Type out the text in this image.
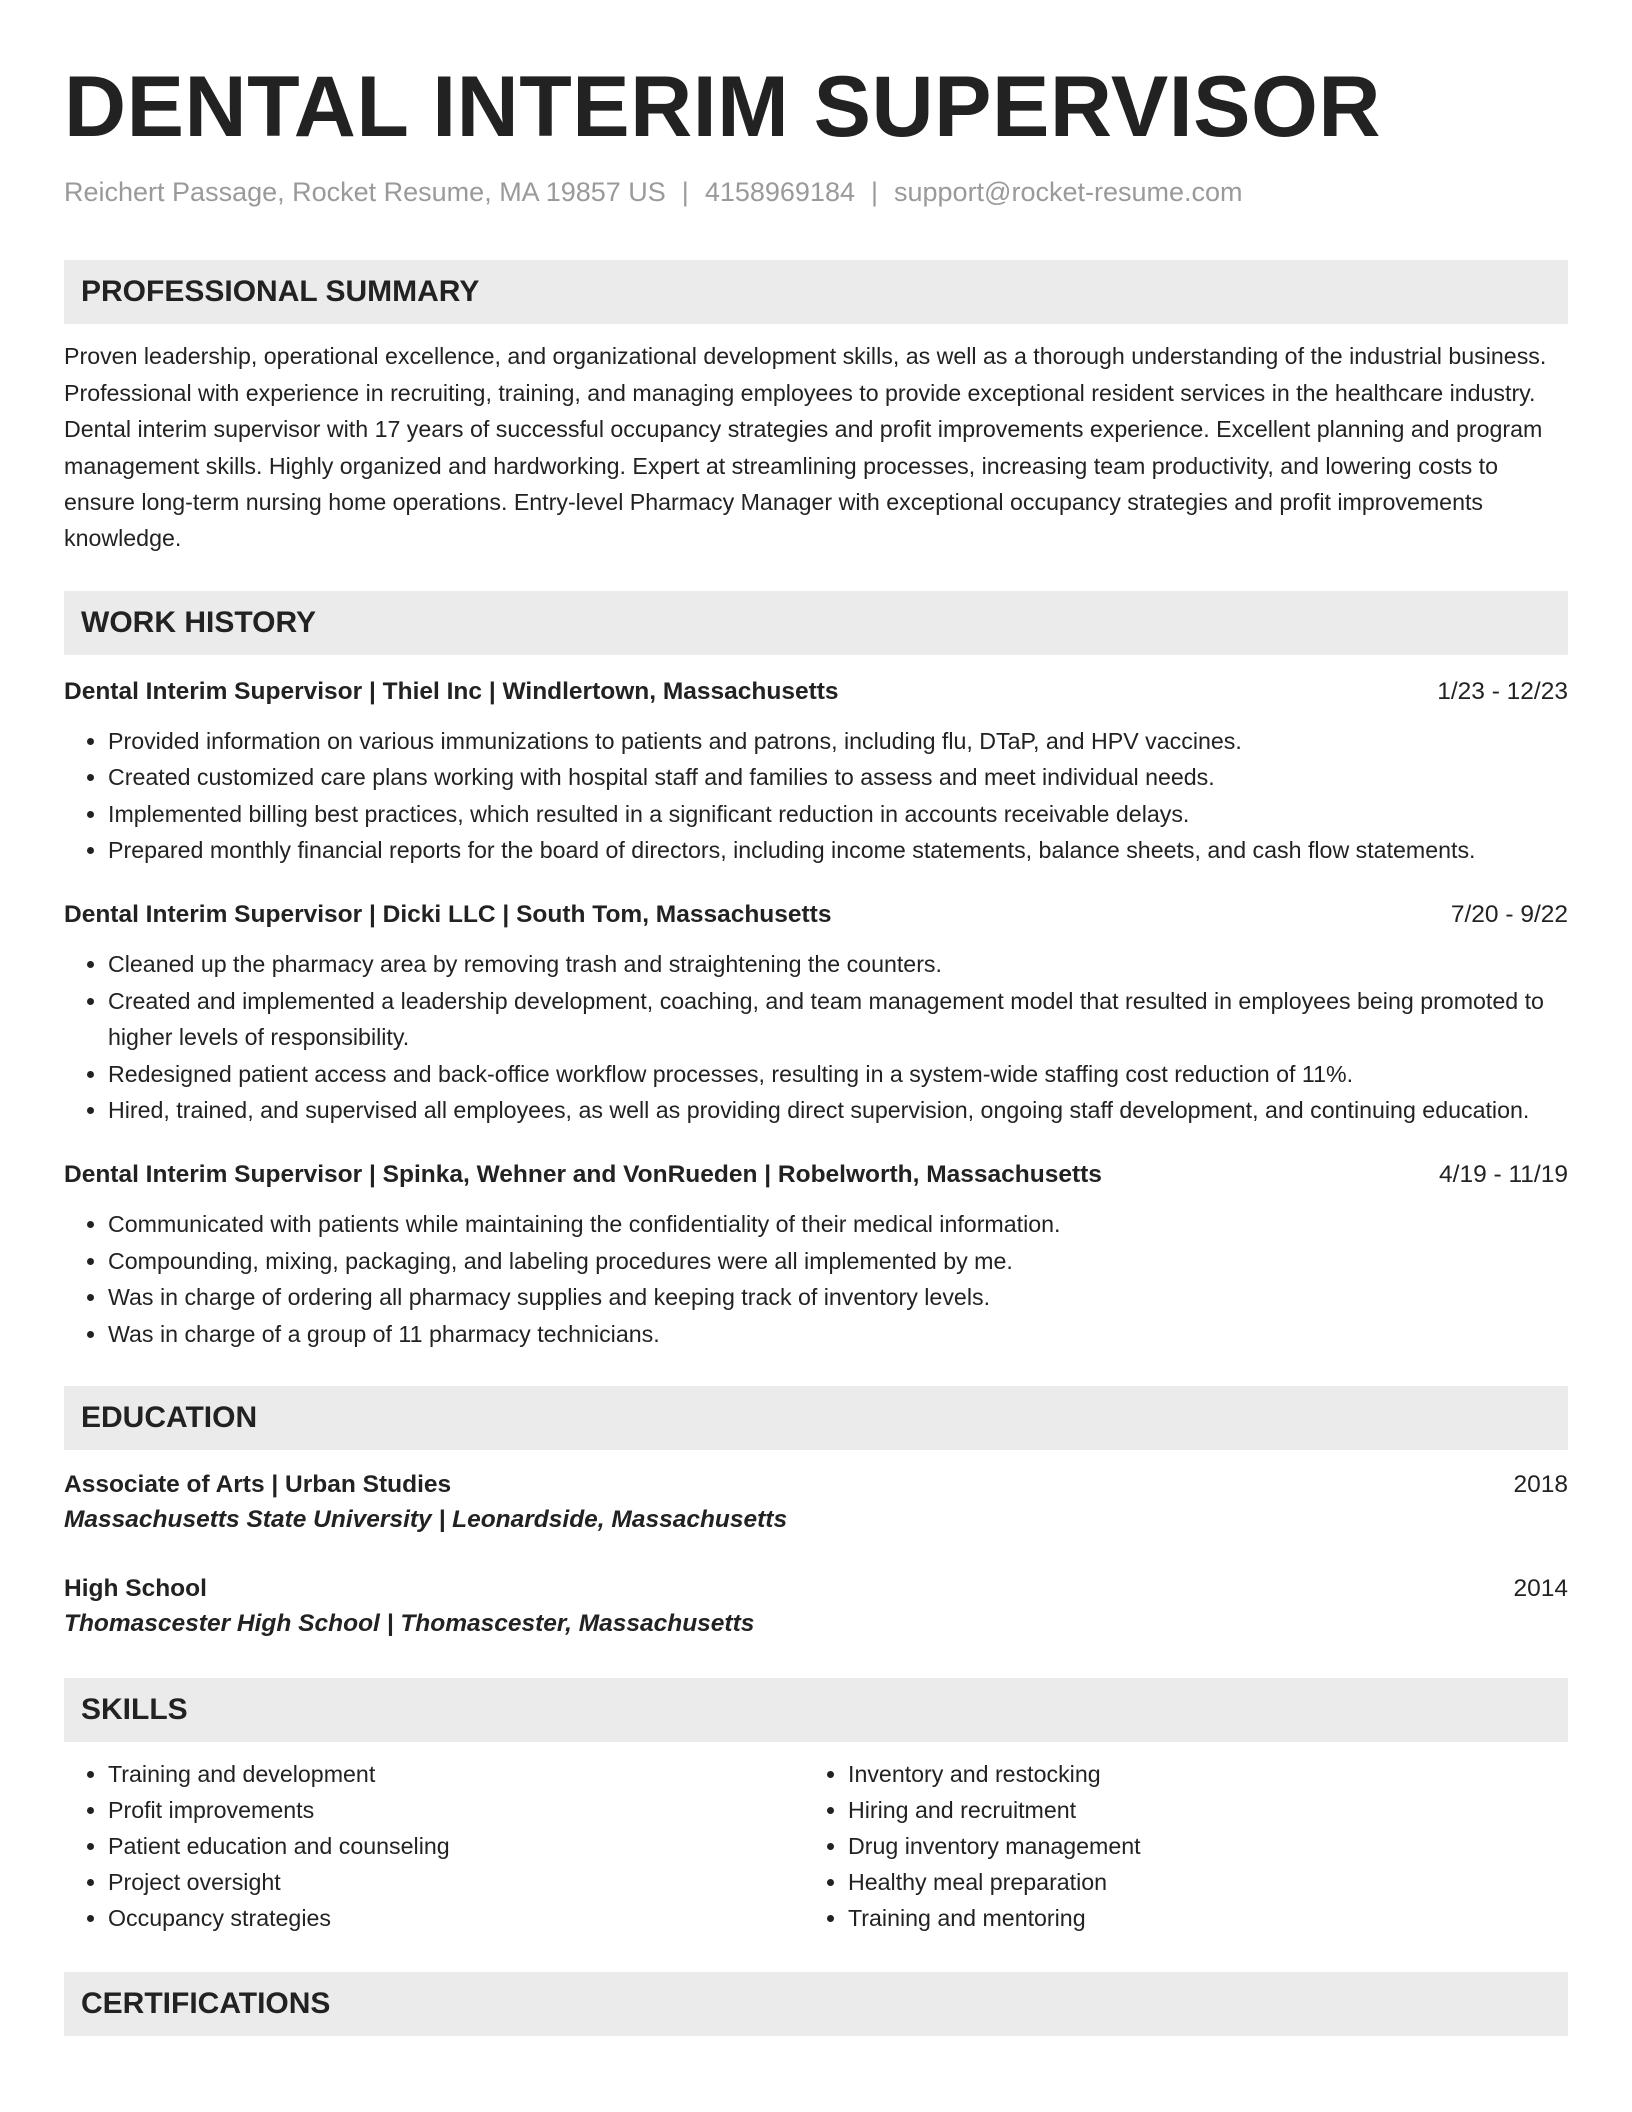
DENTAL INTERIM SUPERVISOR
Reichert Passage, Rocket Resume, MA 19857 US | 4158969184 | support@rocket-resume.com
PROFESSIONAL SUMMARY
Proven leadership, operational excellence, and organizational development skills, as well as a thorough understanding of the industrial business. Professional with experience in recruiting, training, and managing employees to provide exceptional resident services in the healthcare industry. Dental interim supervisor with 17 years of successful occupancy strategies and profit improvements experience. Excellent planning and program management skills. Highly organized and hardworking. Expert at streamlining processes, increasing team productivity, and lowering costs to ensure long-term nursing home operations. Entry-level Pharmacy Manager with exceptional occupancy strategies and profit improvements knowledge.
WORK HISTORY
Dental Interim Supervisor | Thiel Inc | Windlertown, Massachusetts	1/23 - 12/23
• Provided information on various immunizations to patients and patrons, including flu, DTaP, and HPV vaccines.
• Created customized care plans working with hospital staff and families to assess and meet individual needs.
• Implemented billing best practices, which resulted in a significant reduction in accounts receivable delays.
• Prepared monthly financial reports for the board of directors, including income statements, balance sheets, and cash flow statements.
Dental Interim Supervisor | Dicki LLC | South Tom, Massachusetts	7/20 - 9/22
• Cleaned up the pharmacy area by removing trash and straightening the counters.
• Created and implemented a leadership development, coaching, and team management model that resulted in employees being promoted to higher levels of responsibility.
• Redesigned patient access and back-office workflow processes, resulting in a system-wide staffing cost reduction of 11%.
• Hired, trained, and supervised all employees, as well as providing direct supervision, ongoing staff development, and continuing education.
Dental Interim Supervisor | Spinka, Wehner and VonRueden | Robelworth, Massachusetts	4/19 - 11/19
• Communicated with patients while maintaining the confidentiality of their medical information.
• Compounding, mixing, packaging, and labeling procedures were all implemented by me.
• Was in charge of ordering all pharmacy supplies and keeping track of inventory levels.
• Was in charge of a group of 11 pharmacy technicians.
EDUCATION
Associate of Arts | Urban Studies	2018
Massachusetts State University | Leonardside, Massachusetts
High School	2014
Thomascester High School | Thomascester, Massachusetts
SKILLS
• Training and development
• Profit improvements
• Patient education and counseling
• Project oversight
• Occupancy strategies
• Inventory and restocking
• Hiring and recruitment
• Drug inventory management
• Healthy meal preparation
• Training and mentoring
CERTIFICATIONS
